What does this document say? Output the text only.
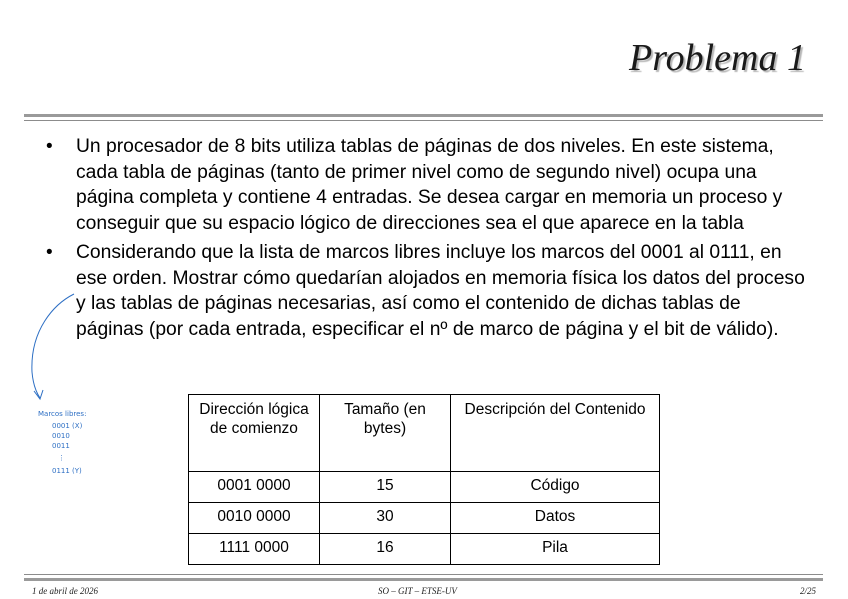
Problema 1
• Un procesador de 8 bits utiliza tablas de páginas de dos niveles. En este sistema, cada tabla de páginas (tanto de primer nivel como de segundo nivel) ocupa una página completa y contiene 4 entradas. Se desea cargar en memoria un proceso y conseguir que su espacio lógico de direcciones sea el que aparece en la tabla
• Considerando que la lista de marcos libres incluye los marcos del 0001 al 0111, en ese orden. Mostrar cómo quedarían alojados en memoria física los datos del proceso y las tablas de páginas necesarias, así como el contenido de dichas tablas de páginas (por cada entrada, especificar el nº de marco de página y el bit de válido).
Marcos libres:
0001 (X)
0010
0011
⋮
0111 (Y)
Dirección lógica de comienzo	Tamaño (en bytes)	Descripción del Contenido
0001 0000	15	Código
0010 0000	30	Datos
1111 0000	16	Pila
1 de abril de 2026	SO – GIT – ETSE-UV	2/25
